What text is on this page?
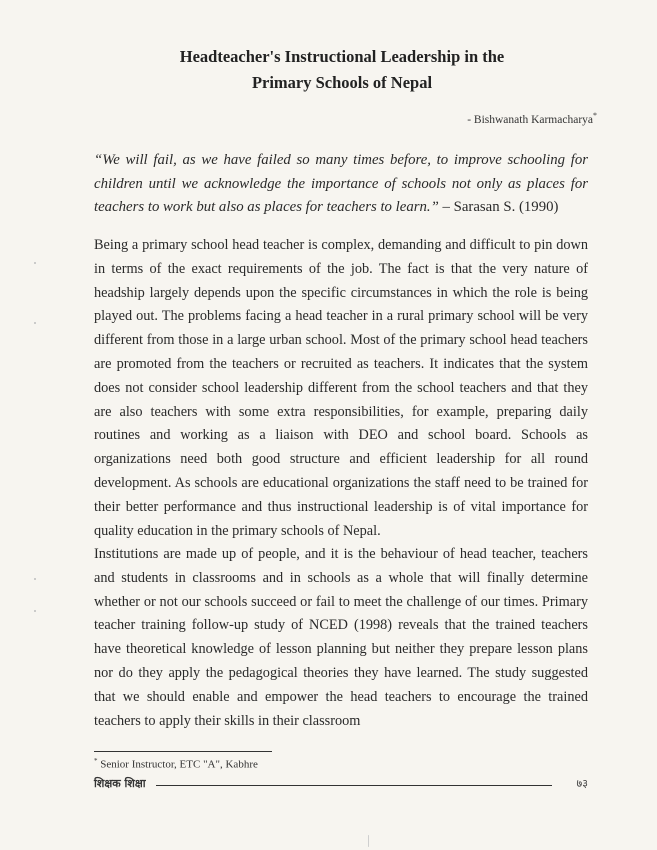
Headteacher's Instructional Leadership in the
Primary Schools of Nepal
- Bishwanath Karmacharya*
“We will fail, as we have failed so many times before, to improve schooling for children until we acknowledge the importance of schools not only as places for teachers to work but also as places for teachers to learn.” – Sarasan S. (1990)

Being a primary school head teacher is complex, demanding and difficult to pin down in terms of the exact requirements of the job. The fact is that the very nature of headship largely depends upon the specific circumstances in which the role is being played out. The problems facing a head teacher in a rural primary school will be very different from those in a large urban school. Most of the primary school head teachers are promoted from the teachers or recruited as teachers. It indicates that the system does not consider school leadership different from the school teachers and that they are also teachers with some extra responsibilities, for example, preparing daily routines and working as a liaison with DEO and school board. Schools as organizations need both good structure and efficient leadership for all round development. As schools are educational organizations the staff need to be trained for their better performance and thus instructional leadership is of vital importance for quality education in the primary schools of Nepal.

Institutions are made up of people, and it is the behaviour of head teacher, teachers and students in classrooms and in schools as a whole that will finally determine whether or not our schools succeed or fail to meet the challenge of our times. Primary teacher training follow-up study of NCED (1998) reveals that the trained teachers have theoretical knowledge of lesson planning but neither they prepare lesson plans nor do they apply the pedagogical theories they have learned. The study suggested that we should enable and empower the head teachers to encourage the trained teachers to apply their skills in their classroom

* Senior Instructor, ETC "A", Kabhre
शिक्षक शिक्षा	७३
